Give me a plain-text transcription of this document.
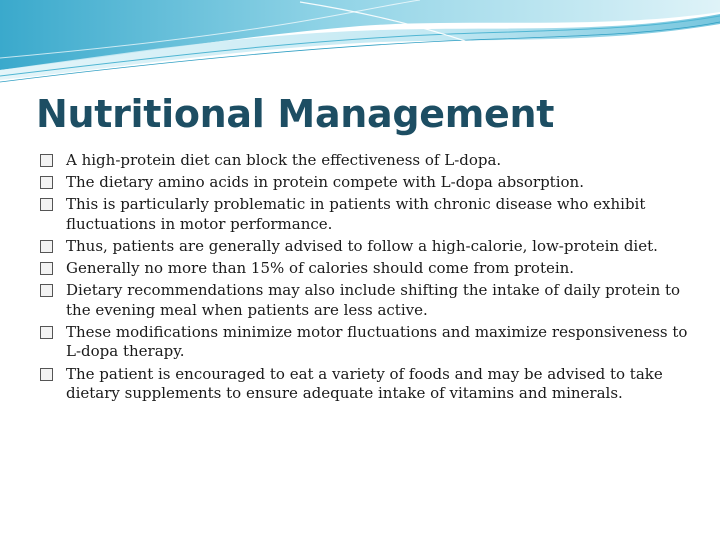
Nutritional Management
A high-protein diet can block the effectiveness of L-dopa.
The dietary amino acids in protein compete with L-dopa absorption.
This is particularly problematic in patients with chronic disease who exhibit fluctuations in motor performance.
Thus, patients are generally advised to follow a high-calorie, low-protein diet.
Generally no more than 15% of calories should come from protein.
Dietary recommendations may also include shifting the intake of daily protein to the evening meal when patients are less active.
These modifications minimize motor fluctuations and maximize responsiveness to L-dopa therapy.
The patient is encouraged to eat a variety of foods and may be advised to take dietary supplements to ensure adequate intake of vitamins and minerals.
